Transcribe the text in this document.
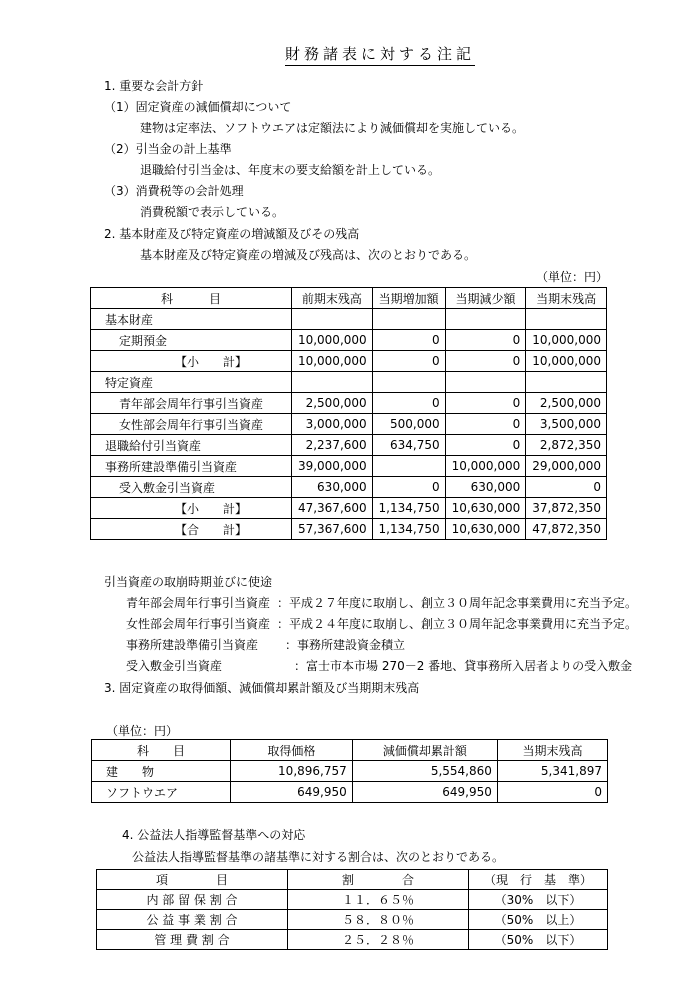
財務諸表に対する注記
1. 重要な会計方針
（1）固定資産の減価償却について
建物は定率法、ソフトウエアは定額法により減価償却を実施している。
（2）引当金の計上基準
退職給付引当金は、年度末の要支給額を計上している。
（3）消費税等の会計処理
消費税額で表示している。
2. 基本財産及び特定資産の増減額及びその残高
基本財産及び特定資産の増減及び残高は、次のとおりである。
（単位：円）
科　　　目	前期末残高	当期増加額	当期減少額	当期末残高
基本財産				
定期預金	10,000,000	0	0	10,000,000
【小　　計】	10,000,000	0	0	10,000,000
特定資産				
青年部会周年行事引当資産	2,500,000	0	0	2,500,000
女性部会周年行事引当資産	3,000,000	500,000	0	3,500,000
退職給付引当資産	2,237,600	634,750	0	2,872,350
事務所建設準備引当資産	39,000,000		10,000,000	29,000,000
受入敷金引当資産	630,000	0	630,000	0
【小　　計】	47,367,600	1,134,750	10,630,000	37,872,350
【合　　計】	57,367,600	1,134,750	10,630,000	47,872,350
引当資産の取崩時期並びに使途
青年部会周年行事引当資産 ：平成２７年度に取崩し、創立３０周年記念事業費用に充当予定。
女性部会周年行事引当資産 ：平成２４年度に取崩し、創立３０周年記念事業費用に充当予定。
事務所建設準備引当資産 ：事務所建設資金積立
受入敷金引当資産	：富士市本市場 270－2 番地、貸事務所入居者よりの受入敷金
3. 固定資産の取得価額、減価償却累計額及び当期期末残高
（単位：円）
科　　目	取得価格	減価償却累計額	当期末残高
建　　物	10,896,757	5,554,860	5,341,897
ソフトウエア	649,950	649,950	0
4. 公益法人指導監督基準への対応
公益法人指導監督基準の諸基準に対する割合は、次のとおりである。
項　　　　目	割　　　　合	（現　行　基　準）
内 部 留 保 割 合	１１．６５％	（30%　以下）
公 益 事 業 割 合	５８．８０％	（50%　以上）
管 理 費 割 合	２５．２８％	（50%　以下）
